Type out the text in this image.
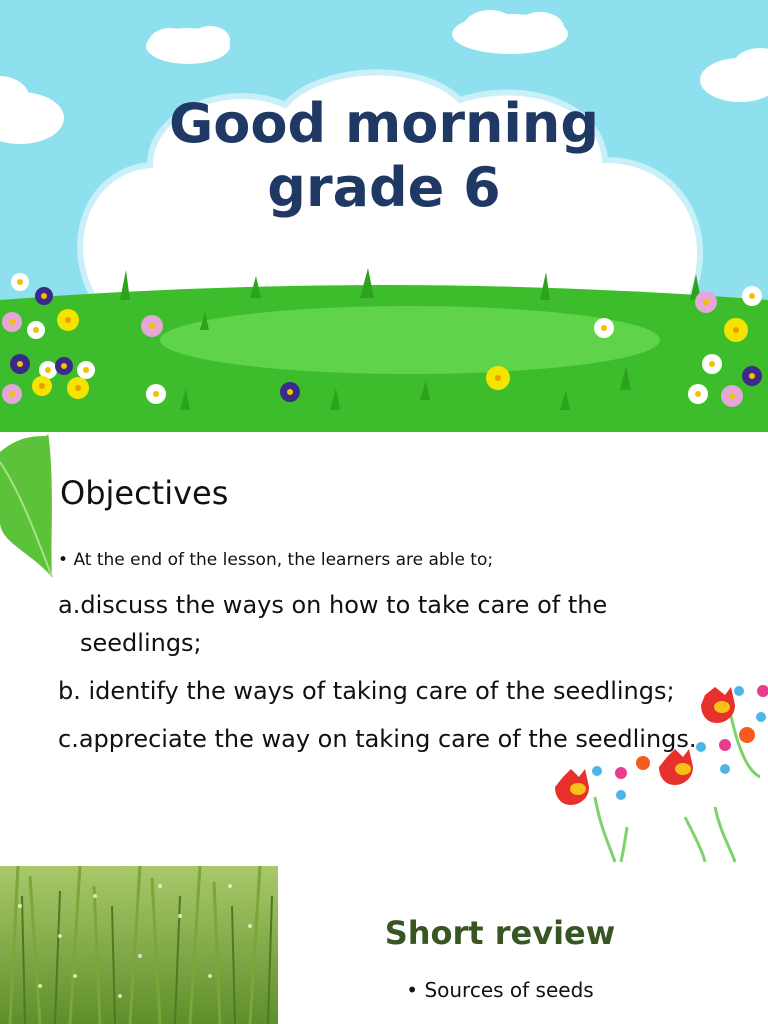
Good morning
grade 6
Objectives
• At the end of the lesson, the learners are able to;
a.discuss the ways on how to take care of the
seedlings;
b. identify the ways of taking care of the seedlings;
c.appreciate the way on taking care of the seedlings.
Short review
• Sources of seeds
